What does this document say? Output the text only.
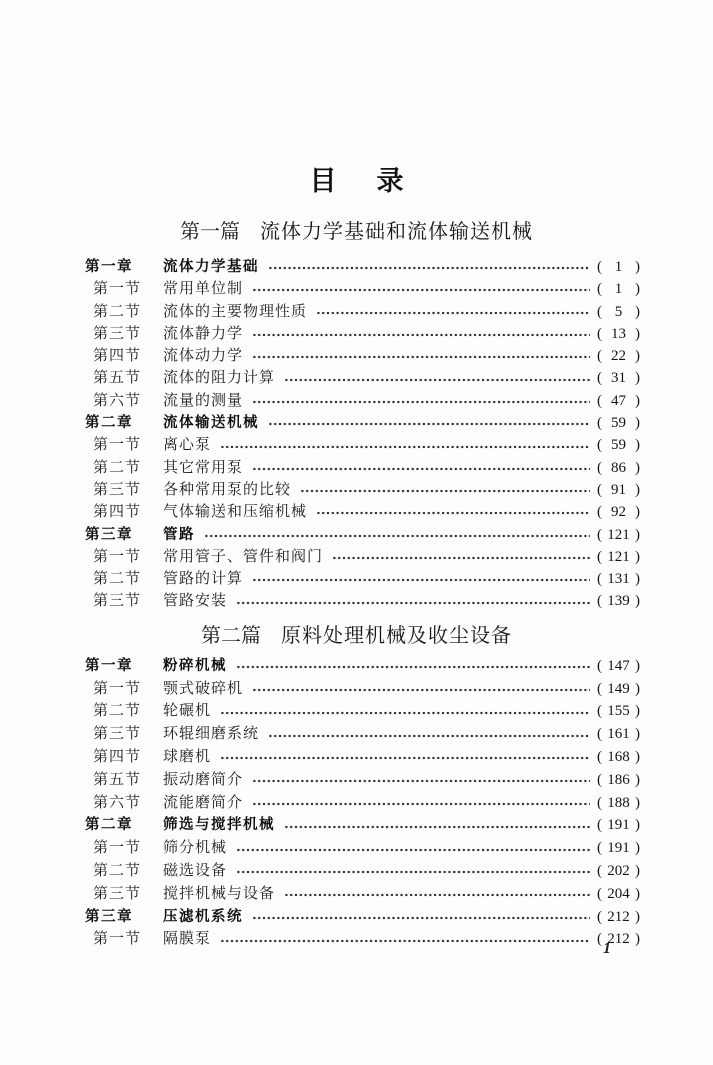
目 录
第一篇 流体力学基础和流体输送机械
第一章	流体力学基础	( 1 )
第一节	常用单位制	( 1 )
第二节	流体的主要物理性质	( 5 )
第三节	流体静力学	( 13 )
第四节	流体动力学	( 22 )
第五节	流体的阻力计算	( 31 )
第六节	流量的测量	( 47 )
第二章	流体输送机械	( 59 )
第一节	离心泵	( 59 )
第二节	其它常用泵	( 86 )
第三节	各种常用泵的比较	( 91 )
第四节	气体输送和压缩机械	( 92 )
第三章	管路	( 121 )
第一节	常用管子、管件和阀门	( 121 )
第二节	管路的计算	( 131 )
第三节	管路安装	( 139 )
第二篇 原料处理机械及收尘设备
第一章	粉碎机械	( 147 )
第一节	颚式破碎机	( 149 )
第二节	轮碾机	( 155 )
第三节	环辊细磨系统	( 161 )
第四节	球磨机	( 168 )
第五节	振动磨简介	( 186 )
第六节	流能磨简介	( 188 )
第二章	筛选与搅拌机械	( 191 )
第一节	筛分机械	( 191 )
第二节	磁选设备	( 202 )
第三节	搅拌机械与设备	( 204 )
第三章	压滤机系统	( 212 )
第一节	隔膜泵	( 212 )
1
